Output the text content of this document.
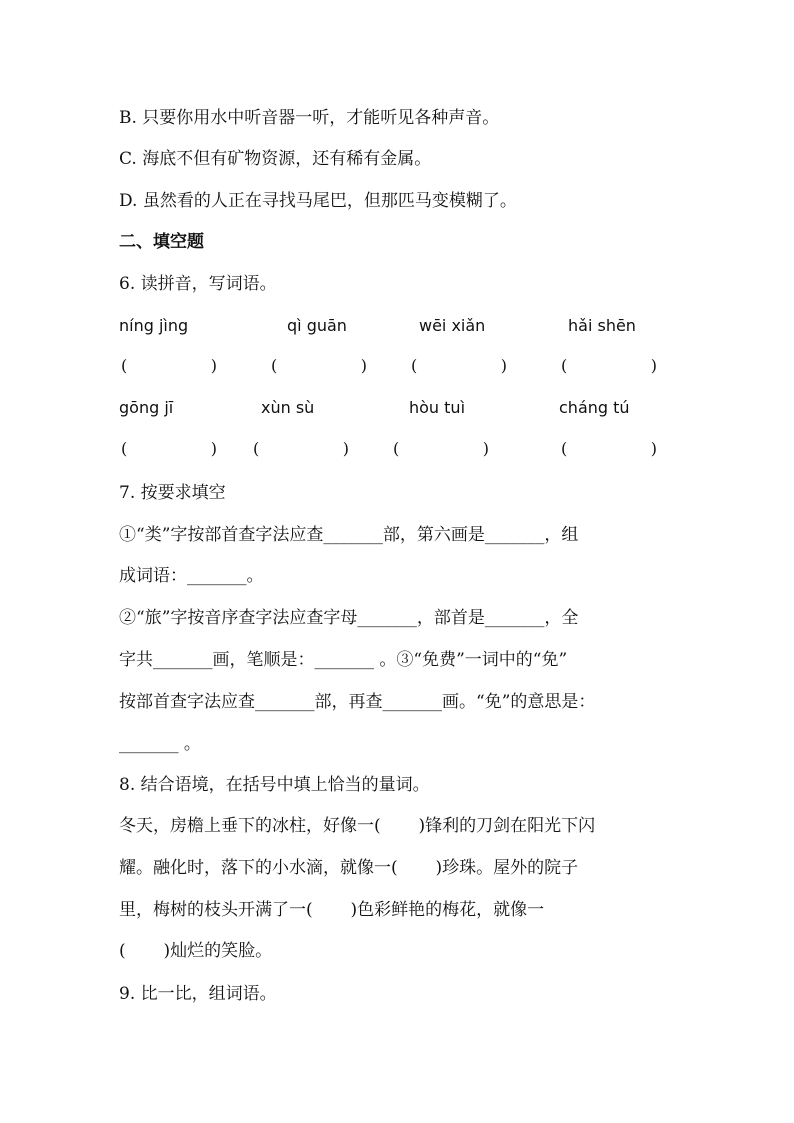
B. 只要你用水中听音器一听，才能听见各种声音。
C. 海底不但有矿物资源，还有稀有金属。
D. 虽然看的人正在寻找马尾巴，但那匹马变模糊了。
二、填空题
6. 读拼音，写词语。
níng jìng	qì guān	wēi xiǎn	hǎi shēn
(	)	(	)	(	)	(	)
gōng jī	xùn sù	hòu tuì	cháng tú
(	) (	)	(	)	(	)
7. 按要求填空
①“类”字按部首查字法应查_______部，第六画是_______，组
成词语：_______。
②“旅”字按音序查字法应查字母_______，部首是_______，全
字共_______画，笔顺是：_______ 。③“免费”一词中的“免”
按部首查字法应查_______部，再查_______画。“免”的意思是：
_______ 。
8. 结合语境，在括号中填上恰当的量词。
冬天，房檐上垂下的冰柱，好像一(       )锋利的刀剑在阳光下闪
耀。融化时，落下的小水滴，就像一(       )珍珠。屋外的院子
里，梅树的枝头开满了一(       )色彩鲜艳的梅花，就像一
(       )灿烂的笑脸。
9. 比一比，组词语。
